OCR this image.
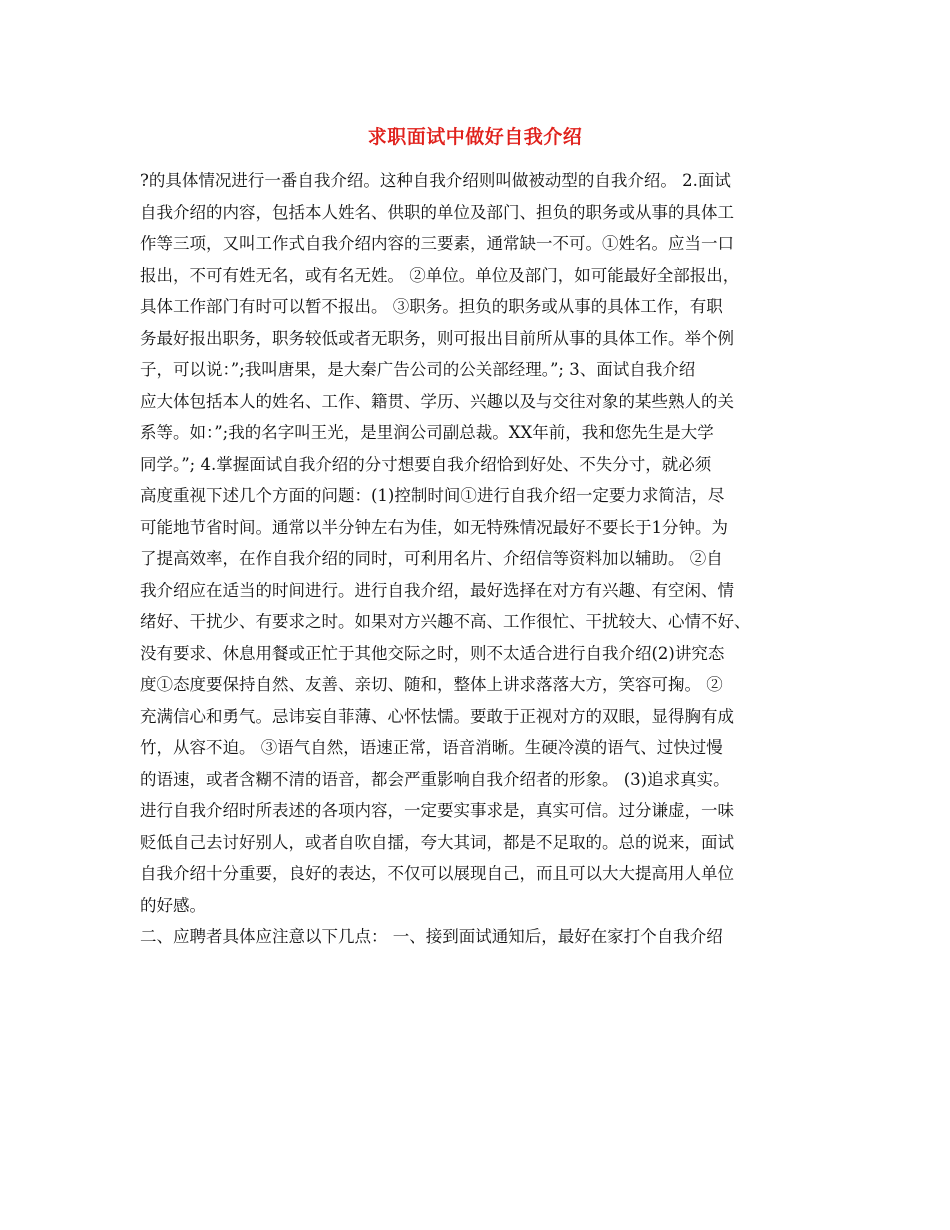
求职面试中做好自我介绍
?的具体情况进行一番自我介绍。这种自我介绍则叫做被动型的自我介绍。 2.面试
自我介绍的内容，包括本人姓名、供职的单位及部门、担负的职务或从事的具体工
作等三项，又叫工作式自我介绍内容的三要素，通常缺一不可。①姓名。应当一口
报出，不可有姓无名，或有名无姓。 ②单位。单位及部门，如可能最好全部报出，
具体工作部门有时可以暂不报出。 ③职务。担负的职务或从事的具体工作，有职
务最好报出职务，职务较低或者无职务，则可报出目前所从事的具体工作。举个例
子，可以说：”;我叫唐果，是大秦广告公司的公关部经理。”; 3、面试自我介绍
应大体包括本人的姓名、工作、籍贯、学历、兴趣以及与交往对象的某些熟人的关
系等。如：”;我的名字叫王光，是里润公司副总裁。XX年前，我和您先生是大学
同学。”; 4.掌握面试自我介绍的分寸想要自我介绍恰到好处、不失分寸，就必须
高度重视下述几个方面的问题：(1)控制时间①进行自我介绍一定要力求简洁，尽
可能地节省时间。通常以半分钟左右为佳，如无特殊情况最好不要长于1分钟。为
了提高效率，在作自我介绍的同时，可利用名片、介绍信等资料加以辅助。 ②自
我介绍应在适当的时间进行。进行自我介绍，最好选择在对方有兴趣、有空闲、情
绪好、干扰少、有要求之时。如果对方兴趣不高、工作很忙、干扰较大、心情不好、
没有要求、休息用餐或正忙于其他交际之时，则不太适合进行自我介绍(2)讲究态
度①态度要保持自然、友善、亲切、随和，整体上讲求落落大方，笑容可掬。 ②
充满信心和勇气。忌讳妄自菲薄、心怀怯懦。要敢于正视对方的双眼，显得胸有成
竹，从容不迫。 ③语气自然，语速正常，语音消晰。生硬冷漠的语气、过快过慢
的语速，或者含糊不清的语音，都会严重影响自我介绍者的形象。 (3)追求真实。
进行自我介绍时所表述的各项内容，一定要实事求是，真实可信。过分谦虚，一味
贬低自己去讨好别人，或者自吹自擂，夸大其词，都是不足取的。总的说来，面试
自我介绍十分重要，良好的表达，不仅可以展现自己，而且可以大大提高用人单位
的好感。
二、应聘者具体应注意以下几点： 一、接到面试通知后，最好在家打个自我介绍
